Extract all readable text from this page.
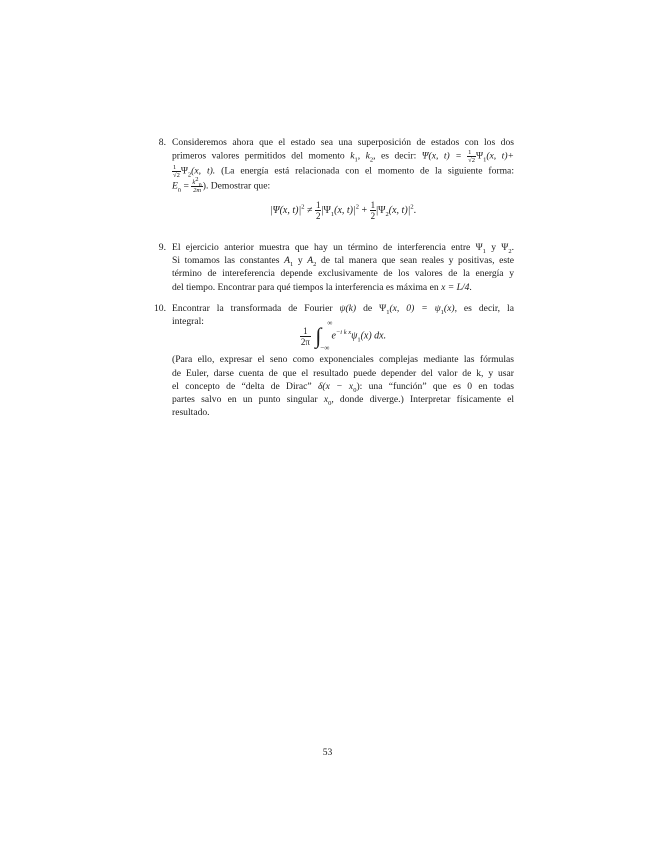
8. Consideremos ahora que el estado sea una superposición de estados con los dos
primeros valores permitidos del momento $k_1$, $k_2$, es decir: Ψ(x, $t) = \frac{1}{√2} \Psi_1(x$, t)+
$\frac{1}{√2} \Psi_2(x$, t). (La energía está relacionada con el momento de la siguiente forma:
$E_n = \frac{k^2_n}{2m}$ ). Demostrar que:
|Ψ(x, $t)|^2 \ne \frac{1}{2} |\Psi_1(x$, $t)|^2 + \frac{1}{2} |\Psi_2(x$, $t)|^2$.
9. El ejercicio anterior muestra que hay un término de interferencia entre $\Psi_1$ y $\Psi_2$.
Si tomamos las constantes $A_1$ y $A_2$ de tal manera que sean reales y positivas, este
término de intereferencia depende exclusivamente de los valores de la energía y
del tiempo. Encontrar para qué tiempos la interferencia es máxima en x = L/4.
10. Encontrar la transformada de Fourier ψ(k) de $\Psi_1(x$, $0) = \psi_1(x)$, es decir, la
integral:
$\frac{1}{2\pi}$ ∫ ∞
−∞
$e^{-i k x}\psi_1(x)$ dx.
(Para ello, expresar el seno como exponenciales complejas mediante las fórmulas
de Euler, darse cuenta de que el resultado puede depender del valor de k, y usar
el concepto de “delta de Dirac” $\delta(x - x_0)$: una “función” que es 0 en todas
partes salvo en un punto singular $x_0$, donde diverge.) Interpretar físicamente el
resultado.
53
